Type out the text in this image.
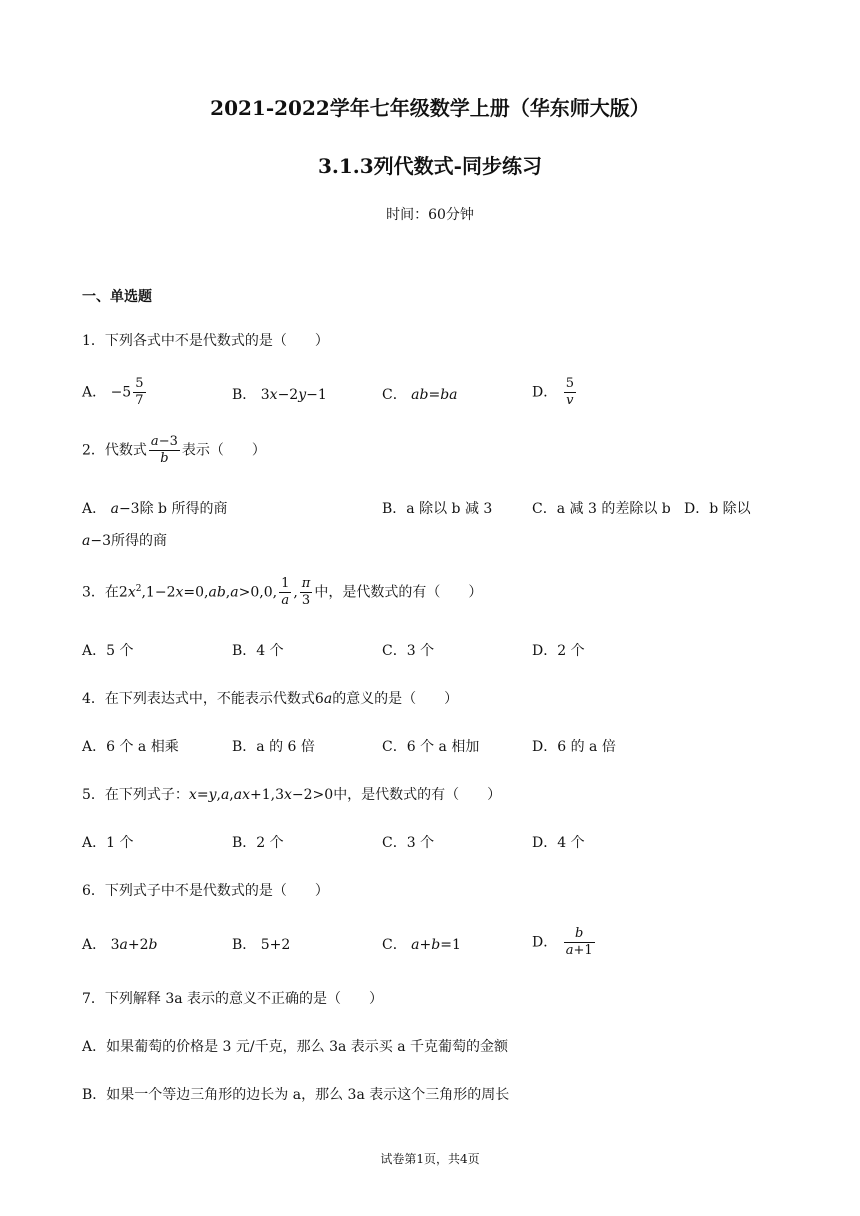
2021-2022学年七年级数学上册（华东师大版）
3.1.3列代数式-同步练习
时间：60分钟
一、单选题
1．下列各式中不是代数式的是（　　）
A． $-5 \frac{5}{7}$	B． 3x−2y−1	C． ab=ba	D． $\frac{5}{v}$
2．代数式 $\frac{a-3}{b}$ 表示（　　）
A． a−3除 b 所得的商	B．a 除以 b 减 3	C．a 减 3 的差除以 b D．b 除以
a−3所得的商
3．在$2x^2,1-2x=0,ab,a>0,0$, $\frac{1}{a}$ , $\frac{\pi}{3}$ 中，是代数式的有（　　）
A．5 个	B．4 个	C．3 个	D．2 个
4．在下列表达式中，不能表示代数式6a的意义的是（　　）
A．6 个 a 相乘	B．a 的 6 倍	C．6 个 a 相加	D．6 的 a 倍
5．在下列式子：x=y,a,ax+1,3x−2>0中，是代数式的有（　　）
A．1 个	B．2 个	C．3 个	D．4 个
6．下列式子中不是代数式的是（　　）
A． 3a+2b	B． 5+2	C． a+b=1	D． $\frac{b}{a+1}$
7．下列解释 3a 表示的意义不正确的是（　　）
A．如果葡萄的价格是 3 元/千克，那么 3a 表示买 a 千克葡萄的金额
B．如果一个等边三角形的边长为 a，那么 3a 表示这个三角形的周长
试卷第1页，共4页
